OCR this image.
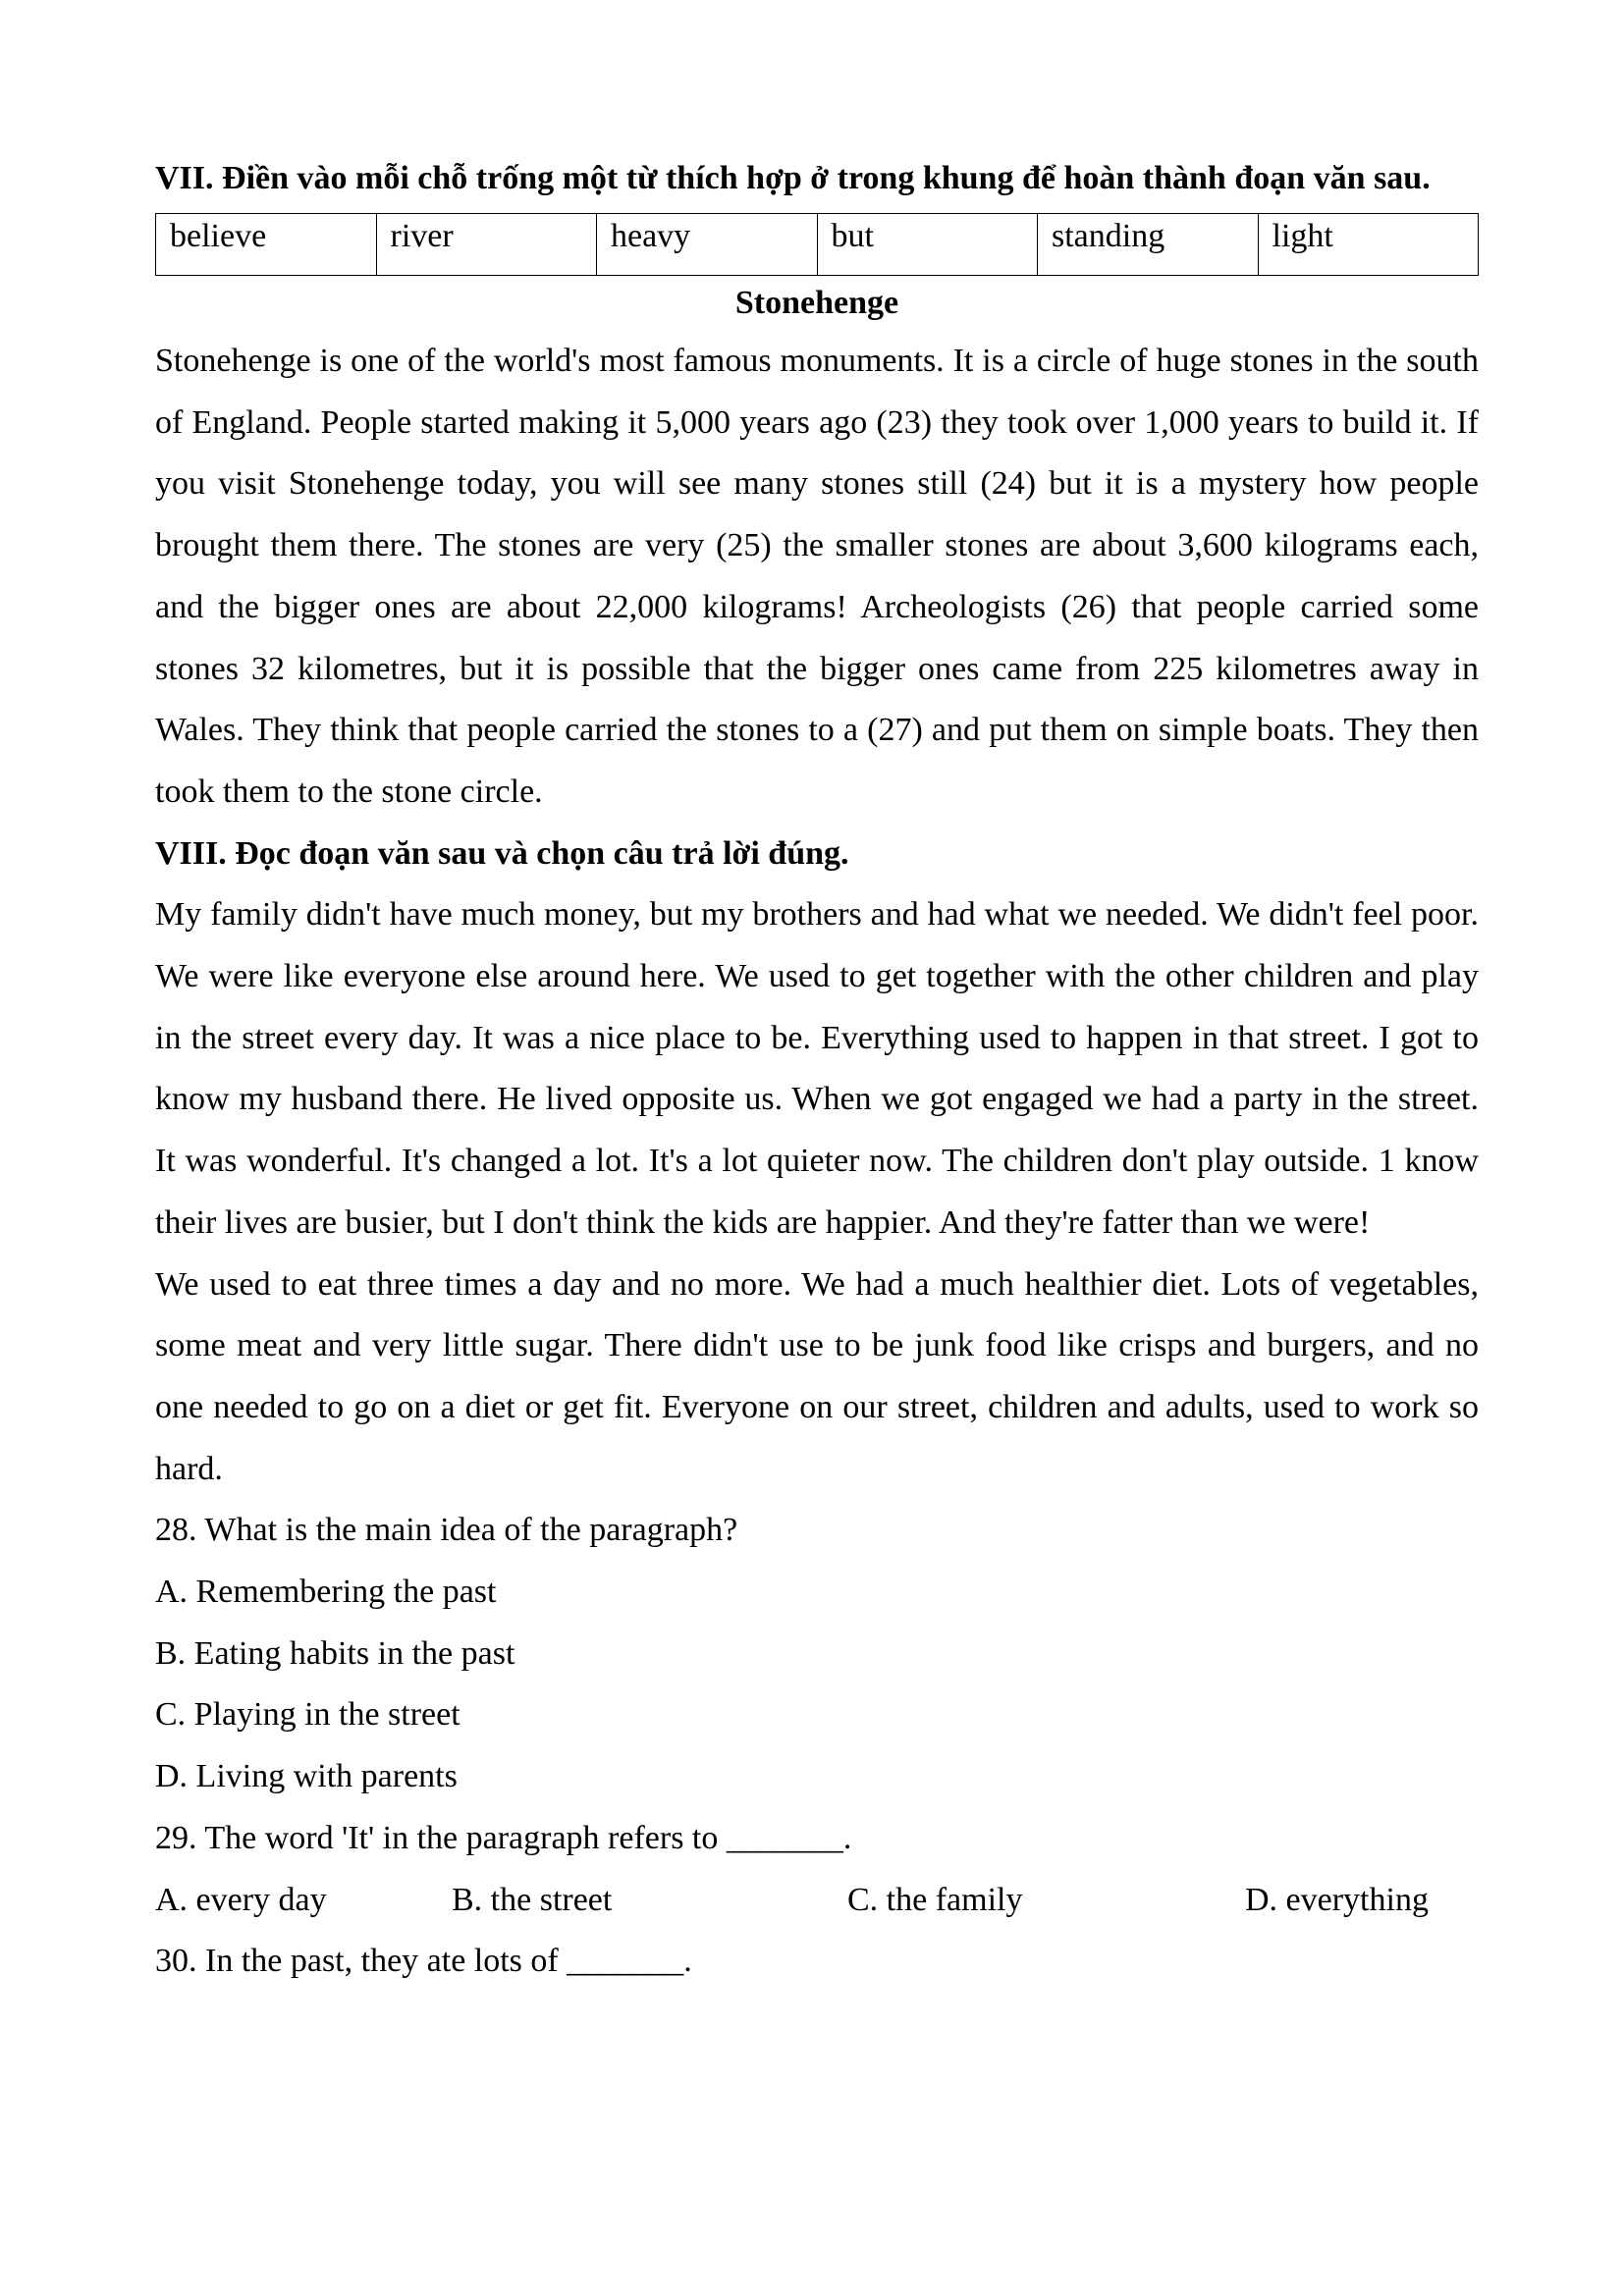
VII. Điền vào mỗi chỗ trống một từ thích hợp ở trong khung để hoàn thành đoạn văn sau.

believe	river	heavy	but	standing	light

Stonehenge

Stonehenge is one of the world's most famous monuments. It is a circle of huge stones in the south of England. People started making it 5,000 years ago (23) they took over 1,000 years to build it. If you visit Stonehenge today, you will see many stones still (24) but it is a mystery how people brought them there. The stones are very (25) the smaller stones are about 3,600 kilograms each, and the bigger ones are about 22,000 kilograms! Archeologists (26) that people carried some stones 32 kilometres, but it is possible that the bigger ones came from 225 kilometres away in Wales. They think that people carried the stones to a (27) and put them on simple boats. They then took them to the stone circle.

VIII. Đọc đoạn văn sau và chọn câu trả lời đúng.

My family didn't have much money, but my brothers and had what we needed. We didn't feel poor. We were like everyone else around here. We used to get together with the other children and play in the street every day. It was a nice place to be. Everything used to happen in that street. I got to know my husband there. He lived opposite us. When we got engaged we had a party in the street. It was wonderful. It's changed a lot. It's a lot quieter now. The children don't play outside. 1 know their lives are busier, but I don't think the kids are happier. And they're fatter than we were!

We used to eat three times a day and no more. We had a much healthier diet. Lots of vegetables, some meat and very little sugar. There didn't use to be junk food like crisps and burgers, and no one needed to go on a diet or get fit. Everyone on our street, children and adults, used to work so hard.

28. What is the main idea of the paragraph?

A. Remembering the past

B. Eating habits in the past

C. Playing in the street

D. Living with parents

29. The word 'It' in the paragraph refers to _______.

A. every day	B. the street	C. the family	D. everything

30. In the past, they ate lots of _______.
